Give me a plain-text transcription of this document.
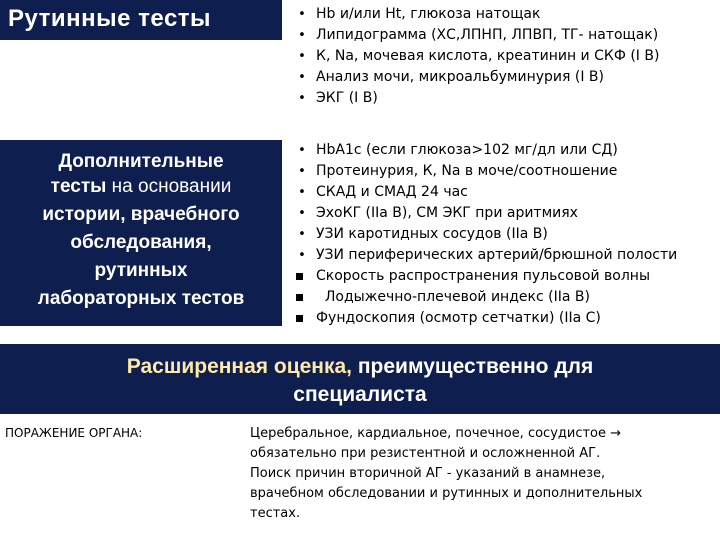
Рутинные тесты	• Hb и/или Ht, глюкоза натощак
• Липидограмма (ХС,ЛПНП, ЛПВП, ТГ- натощак)
• К, Na, мочевая кислота, креатинин и СКФ (I В)
• Анализ мочи, микроальбуминурия (I В)
• ЭКГ (I В)
Дополнительные
тесты на основании
истории, врачебного
обследования,
рутинных
лабораторных тестов
• HbA1c (если глюкоза>102 мг/дл или СД)
• Протеинурия, К, Na в моче/соотношение
• СКАД и СМАД 24 час
• ЭхоКГ (IIa B), СМ ЭКГ при аритмиях
• УЗИ каротидных сосудов (IIa B)
• УЗИ периферических артерий/брюшной полости
Скорость распространения пульсовой волны
Лодыжечно-плечевой индекс (IIa B)
Фундоскопия (осмотр сетчатки) (IIa C)
Расширенная оценка, преимущественно для
специалиста
ПОРАЖЕНИЕ ОРГАНА:	Церебральное, кардиальное, почечное, сосудистое →
обязательно при резистентной и осложненной АГ.
Поиск причин вторичной АГ - указаний в анамнезе,
врачебном обследовании и рутинных и дополнительных
тестах.
